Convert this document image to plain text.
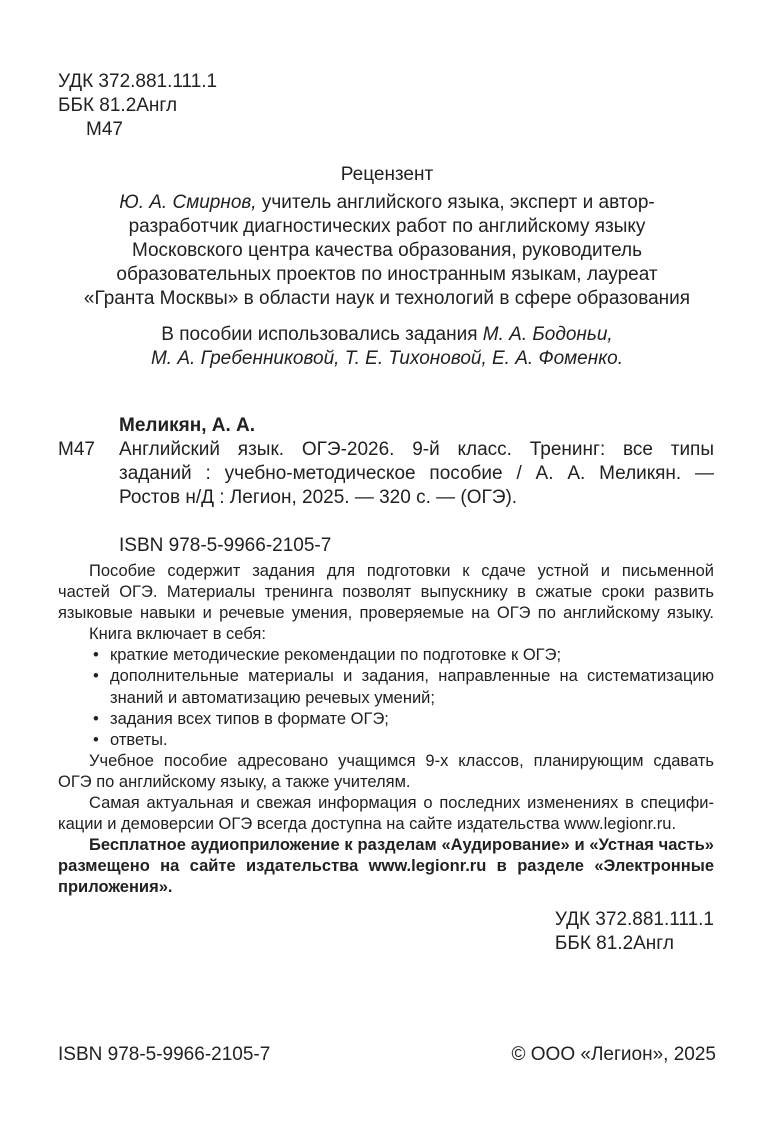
УДК 372.881.111.1
ББК 81.2Англ
М47
Рецензент
Ю. А. Смирнов, учитель английского языка, эксперт и автор-
разработчик диагностических работ по английскому языку
Московского центра качества образования, руководитель
образовательных проектов по иностранным языкам, лауреат
«Гранта Москвы» в области наук и технологий в сфере образования
В пособии использовались задания М. А. Бодоньи,
М. А. Гребенниковой, Т. Е. Тихоновой, Е. А. Фоменко.
Меликян, А. А.
М47 Английский язык. ОГЭ-2026. 9-й класс. Тренинг: все типы
заданий : учебно-методическое пособие / А. А. Меликян. —
Ростов н/Д : Легион, 2025. — 320 с. — (ОГЭ).
ISBN 978-5-9966-2105-7
Пособие содержит задания для подготовки к сдаче устной и письменной
частей ОГЭ. Материалы тренинга позволят выпускнику в сжатые сроки развить
языковые навыки и речевые умения, проверяемые на ОГЭ по английскому языку.
Книга включает в себя:
• краткие методические рекомендации по подготовке к ОГЭ;
• дополнительные материалы и задания, направленные на систематизацию
знаний и автоматизацию речевых умений;
• задания всех типов в формате ОГЭ;
• ответы.
Учебное пособие адресовано учащимся 9-х классов, планирующим сдавать
ОГЭ по английскому языку, а также учителям.
Самая актуальная и свежая информация о последних изменениях в специфи-
кации и демоверсии ОГЭ всегда доступна на сайте издательства www.legionr.ru.
Бесплатное аудиоприложение к разделам «Аудирование» и «Устная часть»
размещено на сайте издательства www.legionr.ru в разделе «Электронные
приложения».
УДК 372.881.111.1
ББК 81.2Англ
ISBN 978-5-9966-2105-7	© ООО «Легион», 2025
